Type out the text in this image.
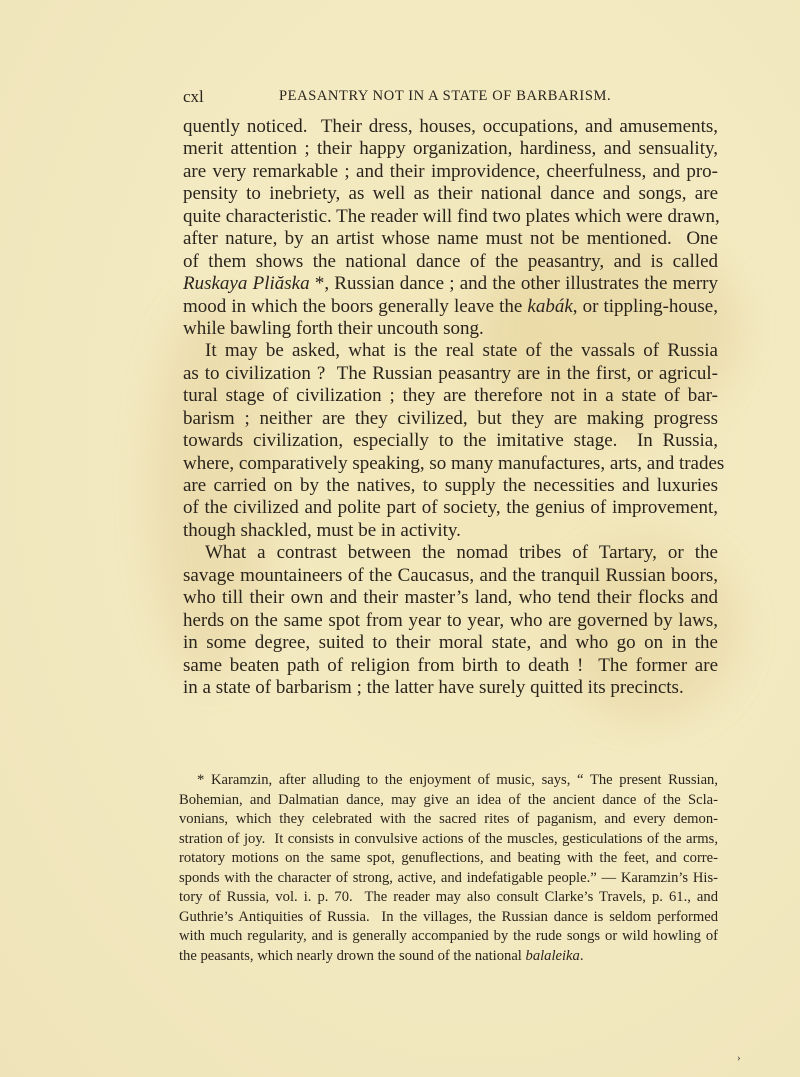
cxl	PEASANTRY NOT IN A STATE OF BARBARISM.
quently noticed.  Their dress, houses, occupations, and amusements,
merit attention ; their happy organization, hardiness, and sensuality,
are very remarkable ; and their improvidence, cheerfulness, and pro-
pensity to inebriety, as well as their national dance and songs, are
quite characteristic. The reader will find two plates which were drawn,
after nature, by an artist whose name must not be mentioned.  One
of them shows the national dance of the peasantry, and is called
Ruskaya Pliăska *, Russian dance ; and the other illustrates the merry
mood in which the boors generally leave the kabák, or tippling-house,
while bawling forth their uncouth song.
It may be asked, what is the real state of the vassals of Russia
as to civilization ?  The Russian peasantry are in the first, or agricul-
tural stage of civilization ; they are therefore not in a state of bar-
barism ; neither are they civilized, but they are making progress
towards civilization, especially to the imitative stage.  In Russia,
where, comparatively speaking, so many manufactures, arts, and trades
are carried on by the natives, to supply the necessities and luxuries
of the civilized and polite part of society, the genius of improvement,
though shackled, must be in activity.
What a contrast between the nomad tribes of Tartary, or the
savage mountaineers of the Caucasus, and the tranquil Russian boors,
who till their own and their master’s land, who tend their flocks and
herds on the same spot from year to year, who are governed by laws,
in some degree, suited to their moral state, and who go on in the
same beaten path of religion from birth to death !  The former are
in a state of barbarism ; the latter have surely quitted its precincts.
* Karamzin, after alluding to the enjoyment of music, says, “ The present Russian,
Bohemian, and Dalmatian dance, may give an idea of the ancient dance of the Scla-
vonians, which they celebrated with the sacred rites of paganism, and every demon-
stration of joy.  It consists in convulsive actions of the muscles, gesticulations of the arms,
rotatory motions on the same spot, genuflections, and beating with the feet, and corre-
sponds with the character of strong, active, and indefatigable people.” — Karamzin’s His-
tory of Russia, vol. i. p. 70.  The reader may also consult Clarke’s Travels, p. 61., and
Guthrie’s Antiquities of Russia.  In the villages, the Russian dance is seldom performed
with much regularity, and is generally accompanied by the rude songs or wild howling of
the peasants, which nearly drown the sound of the national balaleika.
›
